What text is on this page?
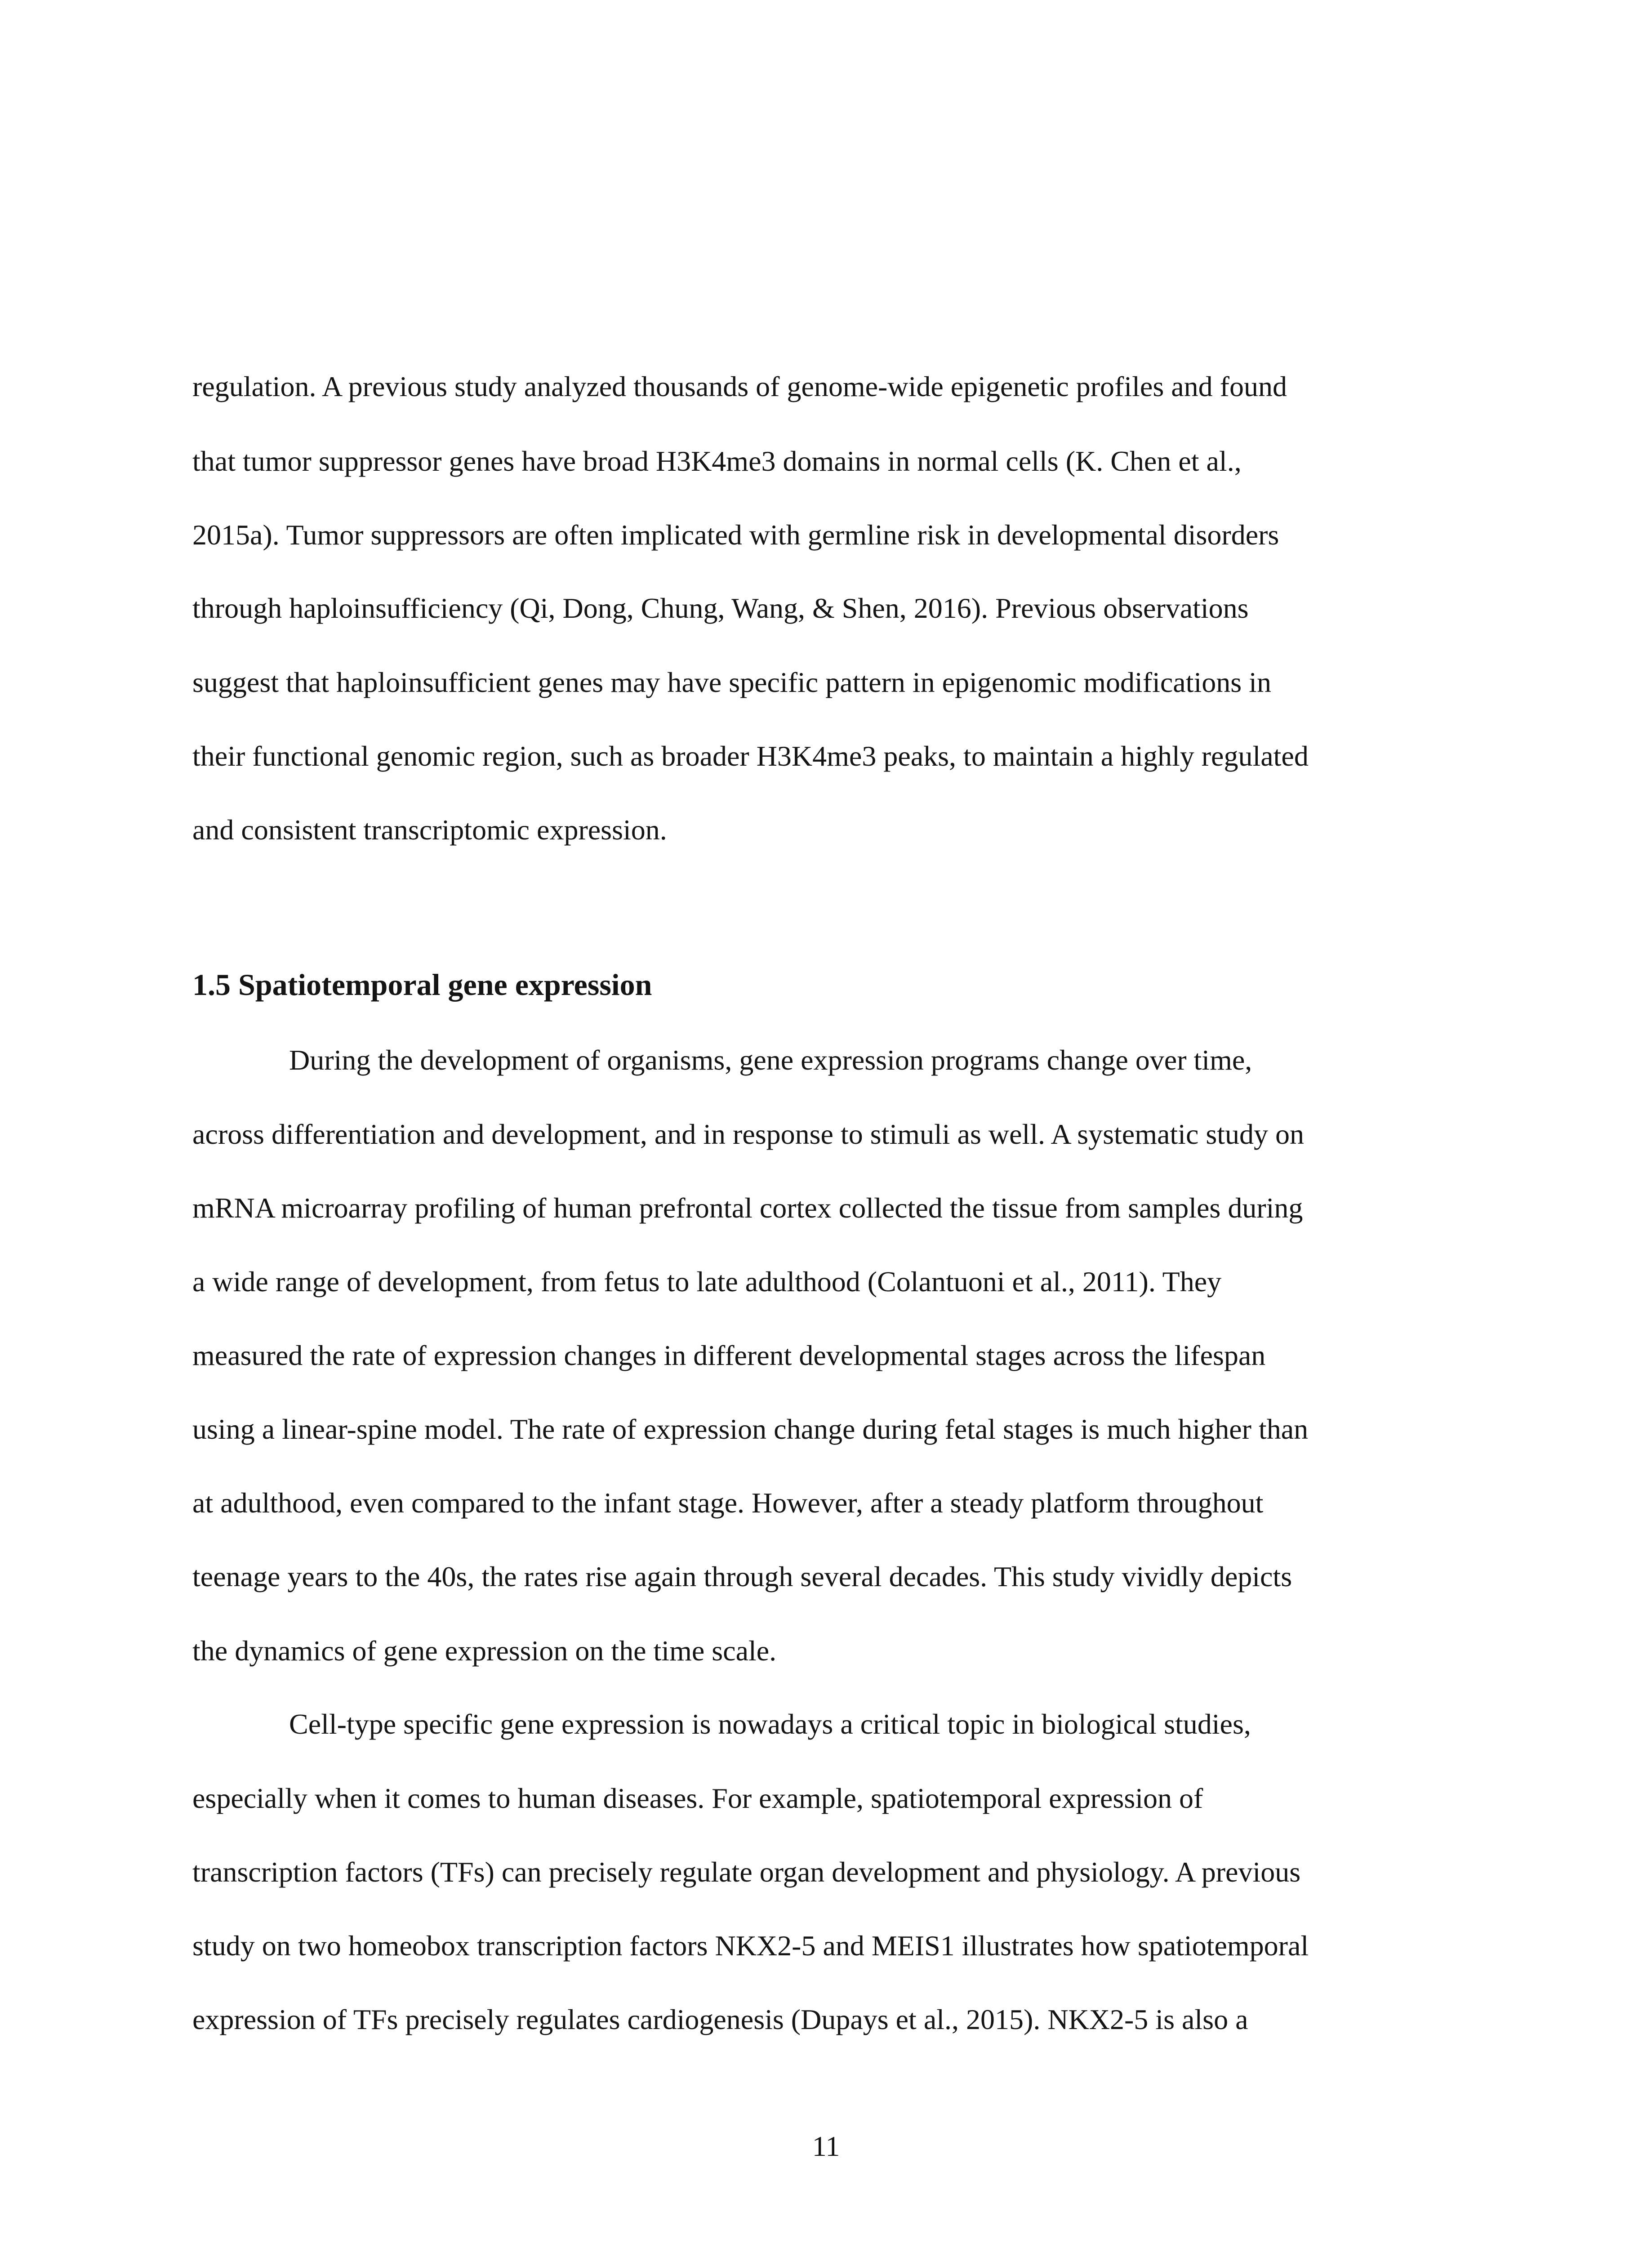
regulation. A previous study analyzed thousands of genome-wide epigenetic profiles and found
that tumor suppressor genes have broad H3K4me3 domains in normal cells (K. Chen et al.,
2015a). Tumor suppressors are often implicated with germline risk in developmental disorders
through haploinsufficiency (Qi, Dong, Chung, Wang, & Shen, 2016). Previous observations
suggest that haploinsufficient genes may have specific pattern in epigenomic modifications in
their functional genomic region, such as broader H3K4me3 peaks, to maintain a highly regulated
and consistent transcriptomic expression.
1.5 Spatiotemporal gene expression
During the development of organisms, gene expression programs change over time,
across differentiation and development, and in response to stimuli as well. A systematic study on
mRNA microarray profiling of human prefrontal cortex collected the tissue from samples during
a wide range of development, from fetus to late adulthood (Colantuoni et al., 2011). They
measured the rate of expression changes in different developmental stages across the lifespan
using a linear-spine model. The rate of expression change during fetal stages is much higher than
at adulthood, even compared to the infant stage. However, after a steady platform throughout
teenage years to the 40s, the rates rise again through several decades. This study vividly depicts
the dynamics of gene expression on the time scale.
Cell-type specific gene expression is nowadays a critical topic in biological studies,
especially when it comes to human diseases. For example, spatiotemporal expression of
transcription factors (TFs) can precisely regulate organ development and physiology. A previous
study on two homeobox transcription factors NKX2-5 and MEIS1 illustrates how spatiotemporal
expression of TFs precisely regulates cardiogenesis (Dupays et al., 2015). NKX2-5 is also a
11
